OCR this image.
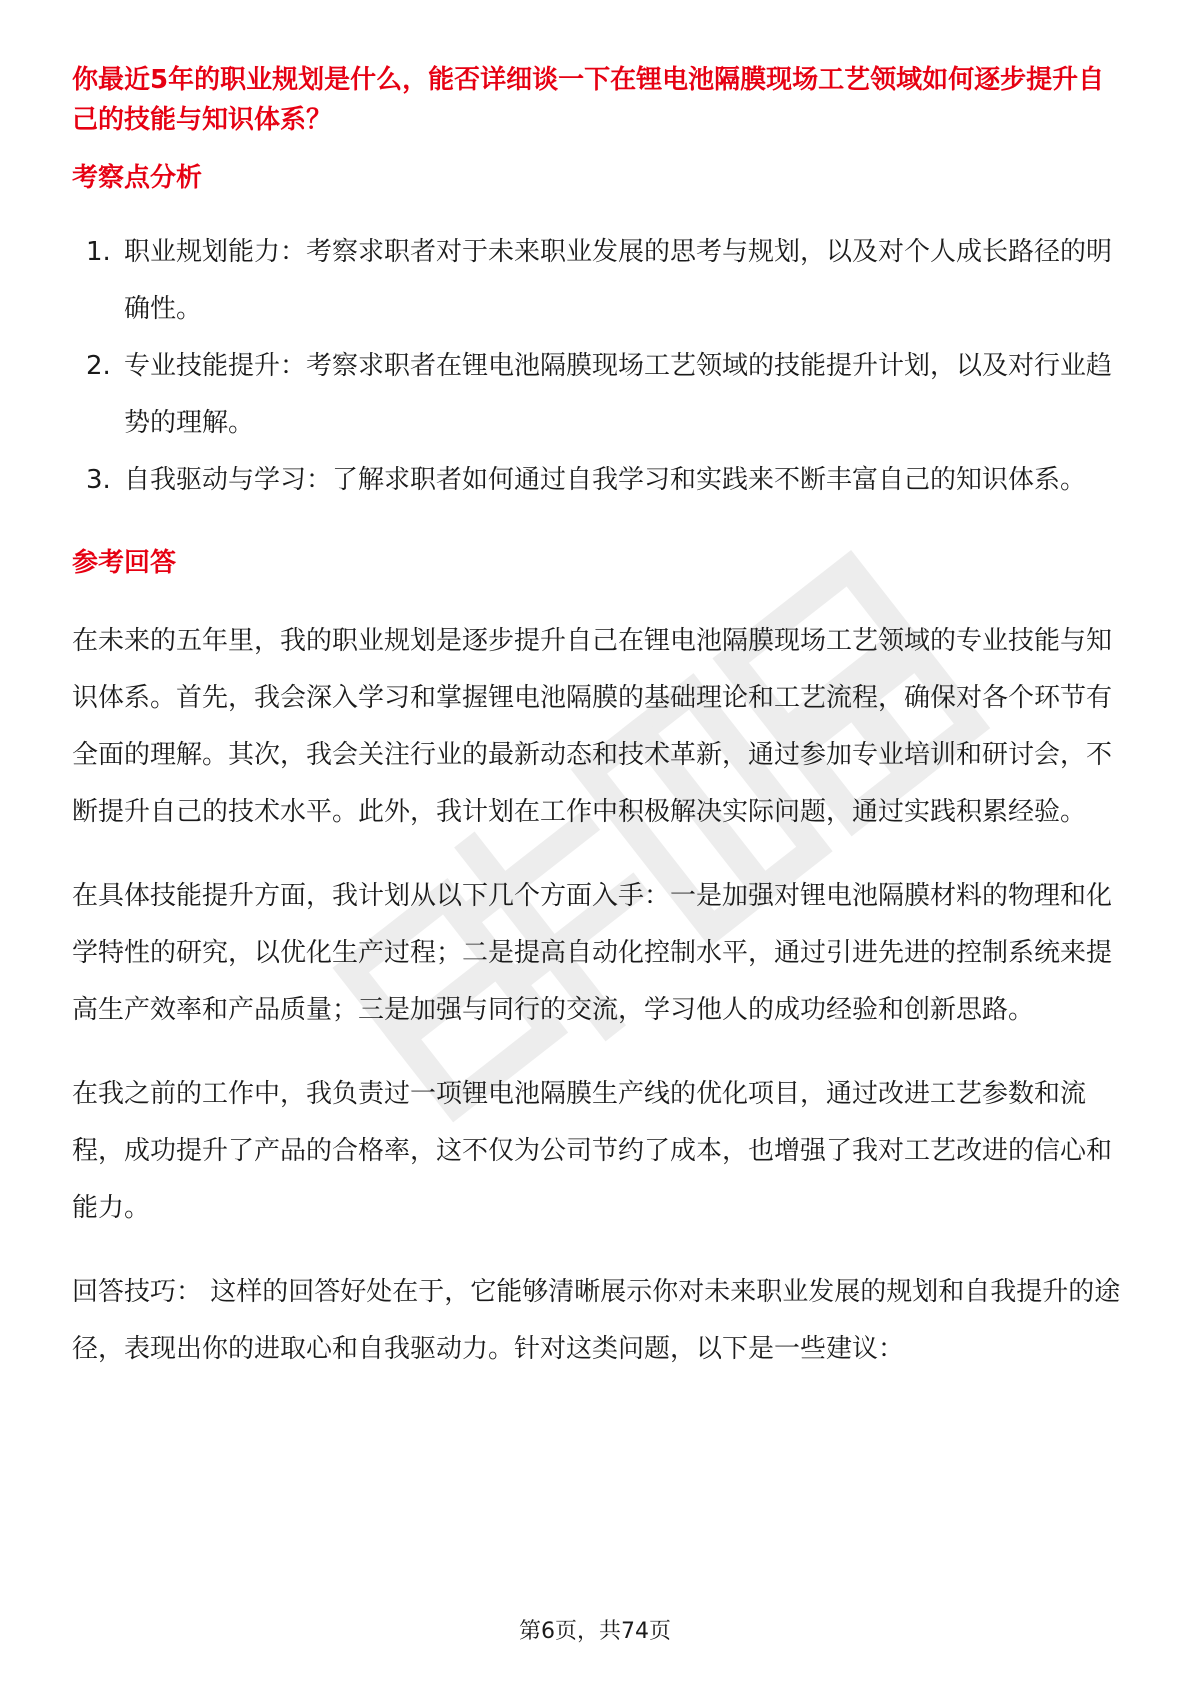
你最近5年的职业规划是什么，能否详细谈一下在锂电池隔膜现场工艺领域如何逐步提升自己的技能与知识体系？

考察点分析
1. 职业规划能力：考察求职者对于未来职业发展的思考与规划，以及对个人成长路径的明确性。
2. 专业技能提升：考察求职者在锂电池隔膜现场工艺领域的技能提升计划，以及对行业趋势的理解。
3. 自我驱动与学习：了解求职者如何通过自我学习和实践来不断丰富自己的知识体系。
参考回答

在未来的五年里，我的职业规划是逐步提升自己在锂电池隔膜现场工艺领域的专业技能与知识体系。首先，我会深入学习和掌握锂电池隔膜的基础理论和工艺流程，确保对各个环节有全面的理解。其次，我会关注行业的最新动态和技术革新，通过参加专业培训和研讨会，不断提升自己的技术水平。此外，我计划在工作中积极解决实际问题，通过实践积累经验。

在具体技能提升方面，我计划从以下几个方面入手：一是加强对锂电池隔膜材料的物理和化学特性的研究，以优化生产过程；二是提高自动化控制水平，通过引进先进的控制系统来提高生产效率和产品质量；三是加强与同行的交流，学习他人的成功经验和创新思路。

在我之前的工作中，我负责过一项锂电池隔膜生产线的优化项目，通过改进工艺参数和流程，成功提升了产品的合格率，这不仅为公司节约了成本，也增强了我对工艺改进的信心和能力。

回答技巧： 这样的回答好处在于，它能够清晰展示你对未来职业发展的规划和自我提升的途径，表现出你的进取心和自我驱动力。针对这类问题，以下是一些建议：

第6页，共74页
